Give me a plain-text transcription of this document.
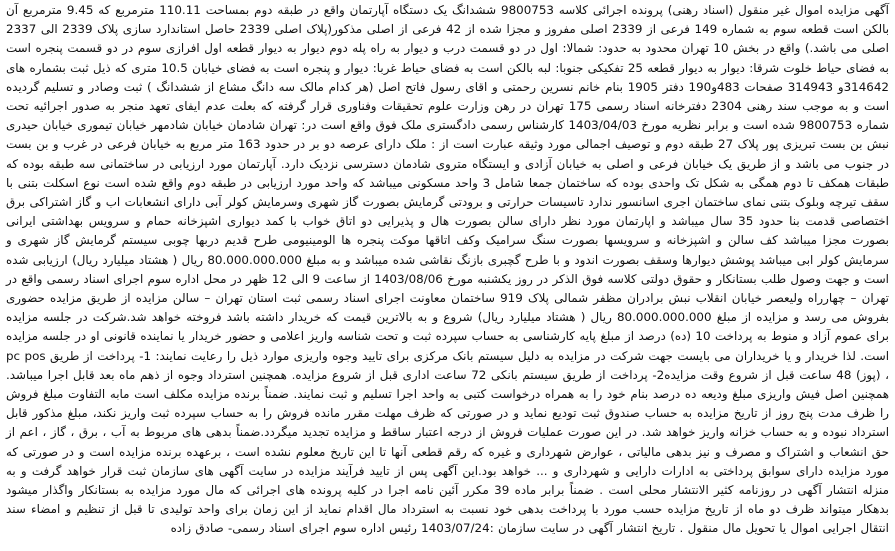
آگهی مزایده اموال غیر منقول (اسناد رهنی) پرونده اجرائی کلاسه 9800753 ششدانگ یک دستگاه آپارتمان واقع در طبقه دوم بمساحت 110.11 مترمربع که 9.45 مترمربع آن بالکن است قطعه سوم به شماره 149 فرعی از 2339 اصلی مفروز و مجزا شده از 42 فرعی از اصلی مذکور(پلاک اصلی 2339 حاصل استاندارد سازی پلاک 2339 الی 2337 اصلی می باشد.) واقع در بخش 10 تهران محدود به حدود: شمالا: اول در دو قسمت درب و دیوار به راه پله دوم دیوار به دیوار قطعه اول افرازی سوم در دو قسمت پنجره است به فضای حیاط خلوت شرقا: دیوار به دیوار قطعه 25 تفکیکی جنوبا: لبه بالکن است به فضای حیاط غربا: دیوار و پنجره است به فضای خیابان 10.5 متری که ذیل ثبت بشماره های 314642و 314943 صفحات 483و190 دفتر 1905 بنام خانم نسرین رحمتی و اقای رسول فاتح اصل (هر کدام مالک سه دانگ مشاع از ششدانگ ) ثبت وصادر و تسلیم گردیده است و به موجب سند رهنی 2304 دفترخانه اسناد رسمی 175 تهران در رهن وزارت علوم تحقیقات وفناوری قرار گرفته که بعلت عدم ایفای تعهد منجر به صدور اجرائیه تحت شماره 9800753 شده است و برابر نظریه مورخ 1403/04/03 کارشناس رسمی دادگستری ملک فوق واقع است در: تهران شادمان خیابان شادمهر خیابان تیموری خیابان حیدری نبش بن بست تبریزی پور پلاک 27 طبقه دوم و توصیف اجمالی مورد وثیقه عبارت است از : ملک دارای عرصه دو بر در حدود 163 متر مربع به خیابان فرعی در غرب و بن بست در جنوب می باشد و از طریق یک خیابان فرعی و اصلی به خیابان آزادی و ایستگاه متروی شادمان دسترسی نزدیک دارد. آپارتمان مورد ارزیابی در ساختمانی سه طبقه بوده که طبقات همکف تا دوم همگی به شکل تک واحدی بوده که ساختمان جمعا شامل 3 واحد مسکونی میباشد که واحد مورد ارزیابی در طبقه دوم واقع شده است نوع اسکلت بتنی با سقف تیرچه وبلوک بتنی نمای ساختمان اجری اسانسور ندارد تاسیسات حرارتی و برودتی گرمایش بصورت گاز شهری وسرمایش کولر آبی دارای انشعابات اب و گاز اشتراکی برق اختصاصی قدمت بنا حدود 35 سال میباشد و اپارتمان مورد نظر دارای سالن بصورت هال و پذیرایی دو اتاق خواب با کمد دیواری اشپزخانه حمام و سرویس بهداشتی ایرانی بصورت مجزا میباشد کف سالن و اشپزخانه و سرویسها بصورت سنگ سرامیک وکف اتاقها موکت پنجره ها الومینیومی طرح قدیم دربها چوبی سیستم گرمایش گاز شهری و سرمایش کولر ابی میباشد پوشش دیوارها وسقف بصورت اندود و با طرح گچبری بازنگ نقاشی شده میباشد و به مبلغ 80.000.000.000 ریال ( هشتاد میلیارد ریال) ارزیابی شده است و جهت وصول طلب بستانکار و حقوق دولتی کلاسه فوق الذکر در روز یکشنبه مورخ 1403/08/06 از ساعت 9 الی 12 ظهر در محل اداره سوم اجرای اسناد رسمی واقع در تهران – چهارراه ولیعصر خیابان انقلاب نبش برادران مظفر شمالی پلاک 919 ساختمان معاونت اجرای اسناد رسمی ثبت استان تهران – سالن مزایده از طریق مزایده حضوری بفروش می رسد و مزایده از مبلغ 80.000.000.000 ریال ( هشتاد میلیارد ریال) شروع و به بالاترین قیمت که خریدار داشته باشد فروخته خواهد شد.شرکت در جلسه مزایده برای عموم آزاد و منوط به پرداخت 10 (ده) درصد از مبلغ پایه کارشناسی به حساب سپرده ثبت و تحت شناسه واریز اعلامی و حضور خریدار یا نماینده قانونی او در جلسه مزایده است. لذا خریدار و یا خریداران می بایست جهت شرکت در مزایده به دلیل سیستم بانک مرکزی برای تایید وجوه واریزی موارد ذیل را رعایت نمایند: 1- پرداخت از طریق pc pos ، (پوز) 48 ساعت قبل از شروع وقت مزایده2- پرداخت از طریق سیستم بانکی 72 ساعت اداری قبل از شروع مزایده. همچنین استرداد وجوه از ذهم ماه بعد قابل اجرا میباشد. همچنین اصل فیش واریزی مبلغ ودیعه ده درصد بنام خود را به همراه درخواست کتبی به واحد اجرا تسلیم و ثبت نمایند. ضمناً برنده مزایده مکلف است مابه التفاوت مبلغ فروش را ظرف مدت پنج روز از تاریخ مزایده به حساب صندوق ثبت تودیع نماید و در صورتی که ظرف مهلت مقرر مانده فروش را به حساب سپرده ثبت واریز نکند، مبلغ مذکور قابل استرداد نبوده و به حساب خزانه واریز خواهد شد. در این صورت عملیات فروش از درجه اعتبار ساقط و مزایده تجدید میگردد.ضمناً بدهی های مربوط به آب ، برق ، گاز ، اعم از حق انشعاب و اشتراک و مصرف و نیز بدهی مالیاتی ، عوارض شهرداری و غیره که رقم قطعی آنها تا این تاریخ معلوم نشده است ، برعهده برنده مزایده است و در صورتی که مورد مزایده دارای سوابق پرداختی به ادارات دارایی و شهرداری و ... خواهد بود.این آگهی پس از تایید فرآیند مزایده در سایت آگهی های سازمان ثبت قرار خواهد گرفت و به منزله انتشار آگهی در روزنامه کثیر الانتشار محلی است . ضمناً برابر ماده 39 مکرر آئین نامه اجرا در کلیه پرونده های اجرائی که مال مورد مزایده به بستانکار واگذار میشود بدهکار میتواند ظرف دو ماه از تاریخ مزایده حسب مورد با پرداخت بدهی خود نسبت به استرداد مال اقدام نماید از این زمان برای واحد تولیدی تا قبل از تنظیم و امضاء سند انتقال اجرایی اموال یا تحویل مال منقول . تاریخ انتشار آگهی در سایت سازمان :1403/07/24 رئیس اداره سوم اجرای اسناد رسمی- صادق زاده
